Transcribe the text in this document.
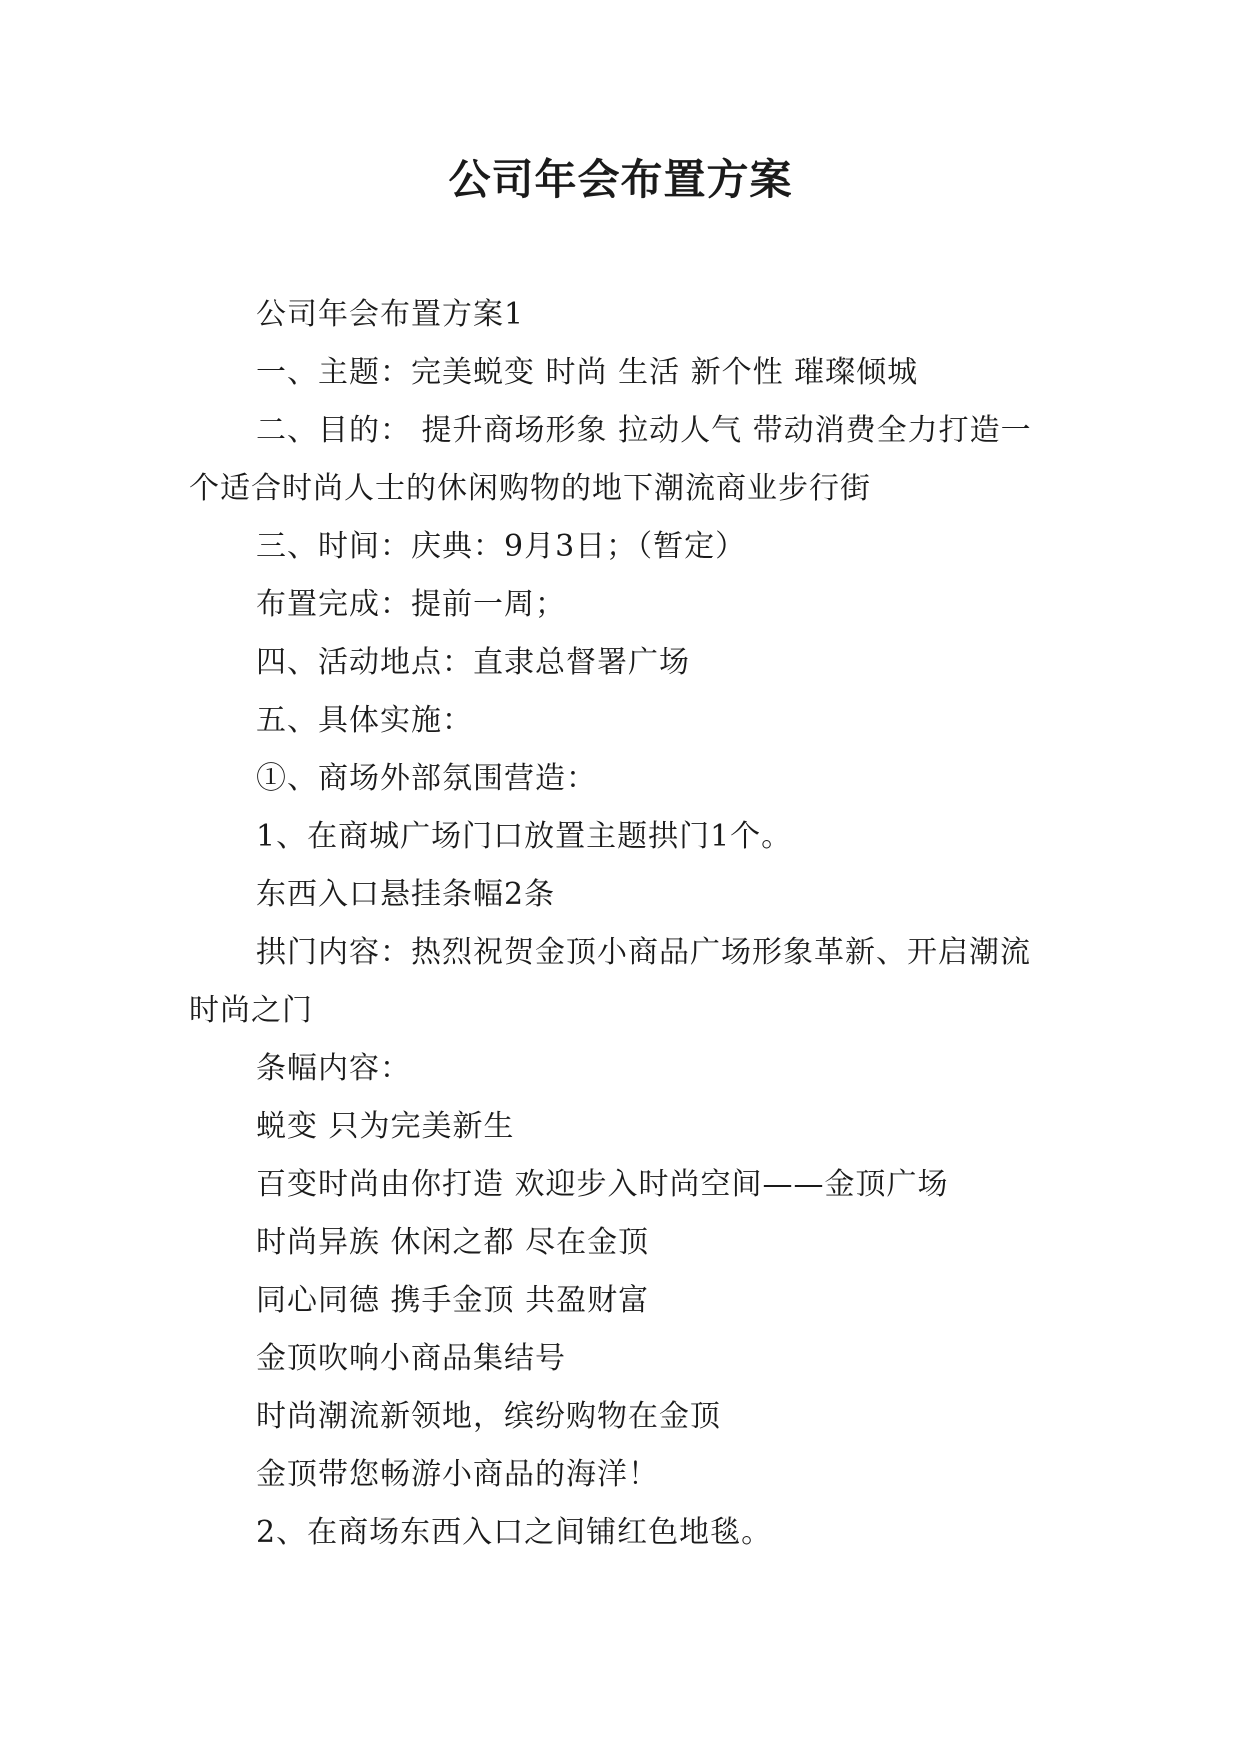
公司年会布置方案

公司年会布置方案1

一、主题：完美蜕变 时尚 生活 新个性 璀璨倾城

二、目的： 提升商场形象 拉动人气 带动消费全力打造一个适合时尚人士的休闲购物的地下潮流商业步行街

三、时间：庆典：9月3日；（暂定）

布置完成：提前一周；

四、活动地点：直隶总督署广场

五、具体实施：

①、商场外部氛围营造：

1、在商城广场门口放置主题拱门1个。

东西入口悬挂条幅2条

拱门内容：热烈祝贺金顶小商品广场形象革新、开启潮流时尚之门

条幅内容：

蜕变 只为完美新生

百变时尚由你打造 欢迎步入时尚空间——金顶广场

时尚异族 休闲之都 尽在金顶

同心同德 携手金顶 共盈财富

金顶吹响小商品集结号

时尚潮流新领地，缤纷购物在金顶

金顶带您畅游小商品的海洋！

2、在商场东西入口之间铺红色地毯。
